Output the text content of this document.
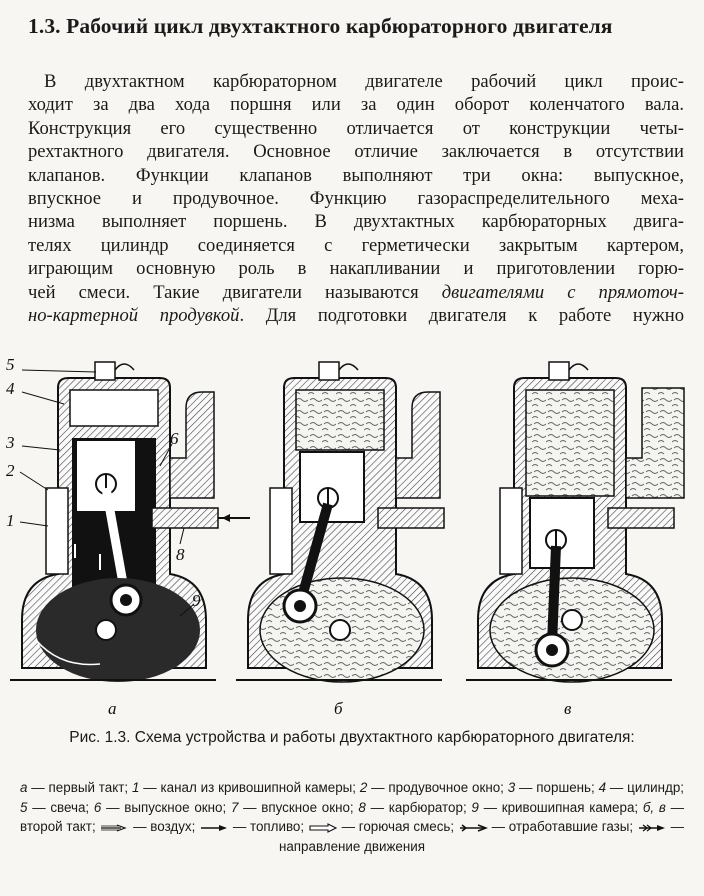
1.3. Рабочий цикл двухтактного карбюраторного двигателя
В двухтактном карбюраторном двигателе рабочий цикл проис-
ходит за два хода поршня или за один оборот коленчатого вала.
Конструкция его существенно отличается от конструкции четы-
рехтактного двигателя. Основное отличие заключается в отсутствии
клапанов. Функции клапанов выполняют три окна: выпускное,
впускное и продувочное. Функцию газораспределительного меха-
низма выполняет поршень. В двухтактных карбюраторных двига-
телях цилиндр соединяется с герметически закрытым картером,
играющим основную роль в накапливании и приготовлении горю-
чей смеси. Такие двигатели называются двигателями с прямоточ-
но-картерной продувкой. Для подготовки двигателя к работе нужно
5
4
3
2
1
6
7 8
9
а	б	в
Рис. 1.3. Схема устройства и работы двухтактного карбюраторного двигателя:
а — первый такт; 1 — канал из кривошипной камеры; 2 — продувочное окно; 3 — поршень; 4 — цилиндр; 5 — свеча; 6 — выпускное окно; 7 — впускное окно; 8 — карбюратор; 9 — кривошипная камера; б, в — второй такт;  — воздух;  — топливо;  — горючая смесь;  — отработавшие газы;  — направление движения
